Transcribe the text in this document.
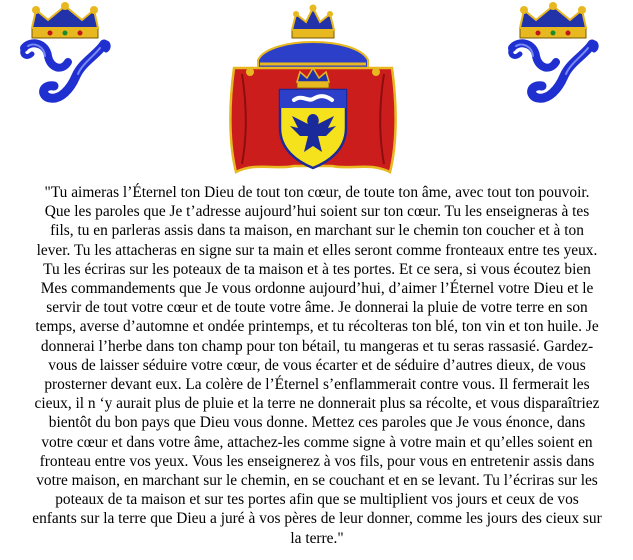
"Tu aimeras l’Éternel ton Dieu de tout ton cœur, de toute ton âme, avec tout ton pouvoir.
Que les paroles que Je t’adresse aujourd’hui soient sur ton cœur. Tu les enseigneras à tes
fils, tu en parleras assis dans ta maison, en marchant sur le chemin ton coucher et à ton
lever. Tu les attacheras en signe sur ta main et elles seront comme fronteaux entre tes yeux.
Tu les écriras sur les poteaux de ta maison et à tes portes. Et ce sera, si vous écoutez bien
Mes commandements que Je vous ordonne aujourd’hui, d’aimer l’Éternel votre Dieu et le
servir de tout votre cœur et de toute votre âme. Je donnerai la pluie de votre terre en son
temps, averse d’automne et ondée printemps, et tu récolteras ton blé, ton vin et ton huile. Je
donnerai l’herbe dans ton champ pour ton bétail, tu mangeras et tu seras rassasié. Gardez-
vous de laisser séduire votre cœur, de vous écarter et de séduire d’autres dieux, de vous
prosterner devant eux. La colère de l’Éternel s’enflammerait contre vous. Il fermerait les
cieux, il n ‘y aurait plus de pluie et la terre ne donnerait plus sa récolte, et vous disparaîtriez
bientôt du bon pays que Dieu vous donne. Mettez ces paroles que Je vous énonce, dans
votre cœur et dans votre âme, attachez-les comme signe à votre main et qu’elles soient en
fronteau entre vos yeux. Vous les enseignerez à vos fils, pour vous en entretenir assis dans
votre maison, en marchant sur le chemin, en se couchant et en se levant. Tu l’écriras sur les
poteaux de ta maison et sur tes portes afin que se multiplient vos jours et ceux de vos
enfants sur la terre que Dieu a juré à vos pères de leur donner, comme les jours des cieux sur
la terre."
